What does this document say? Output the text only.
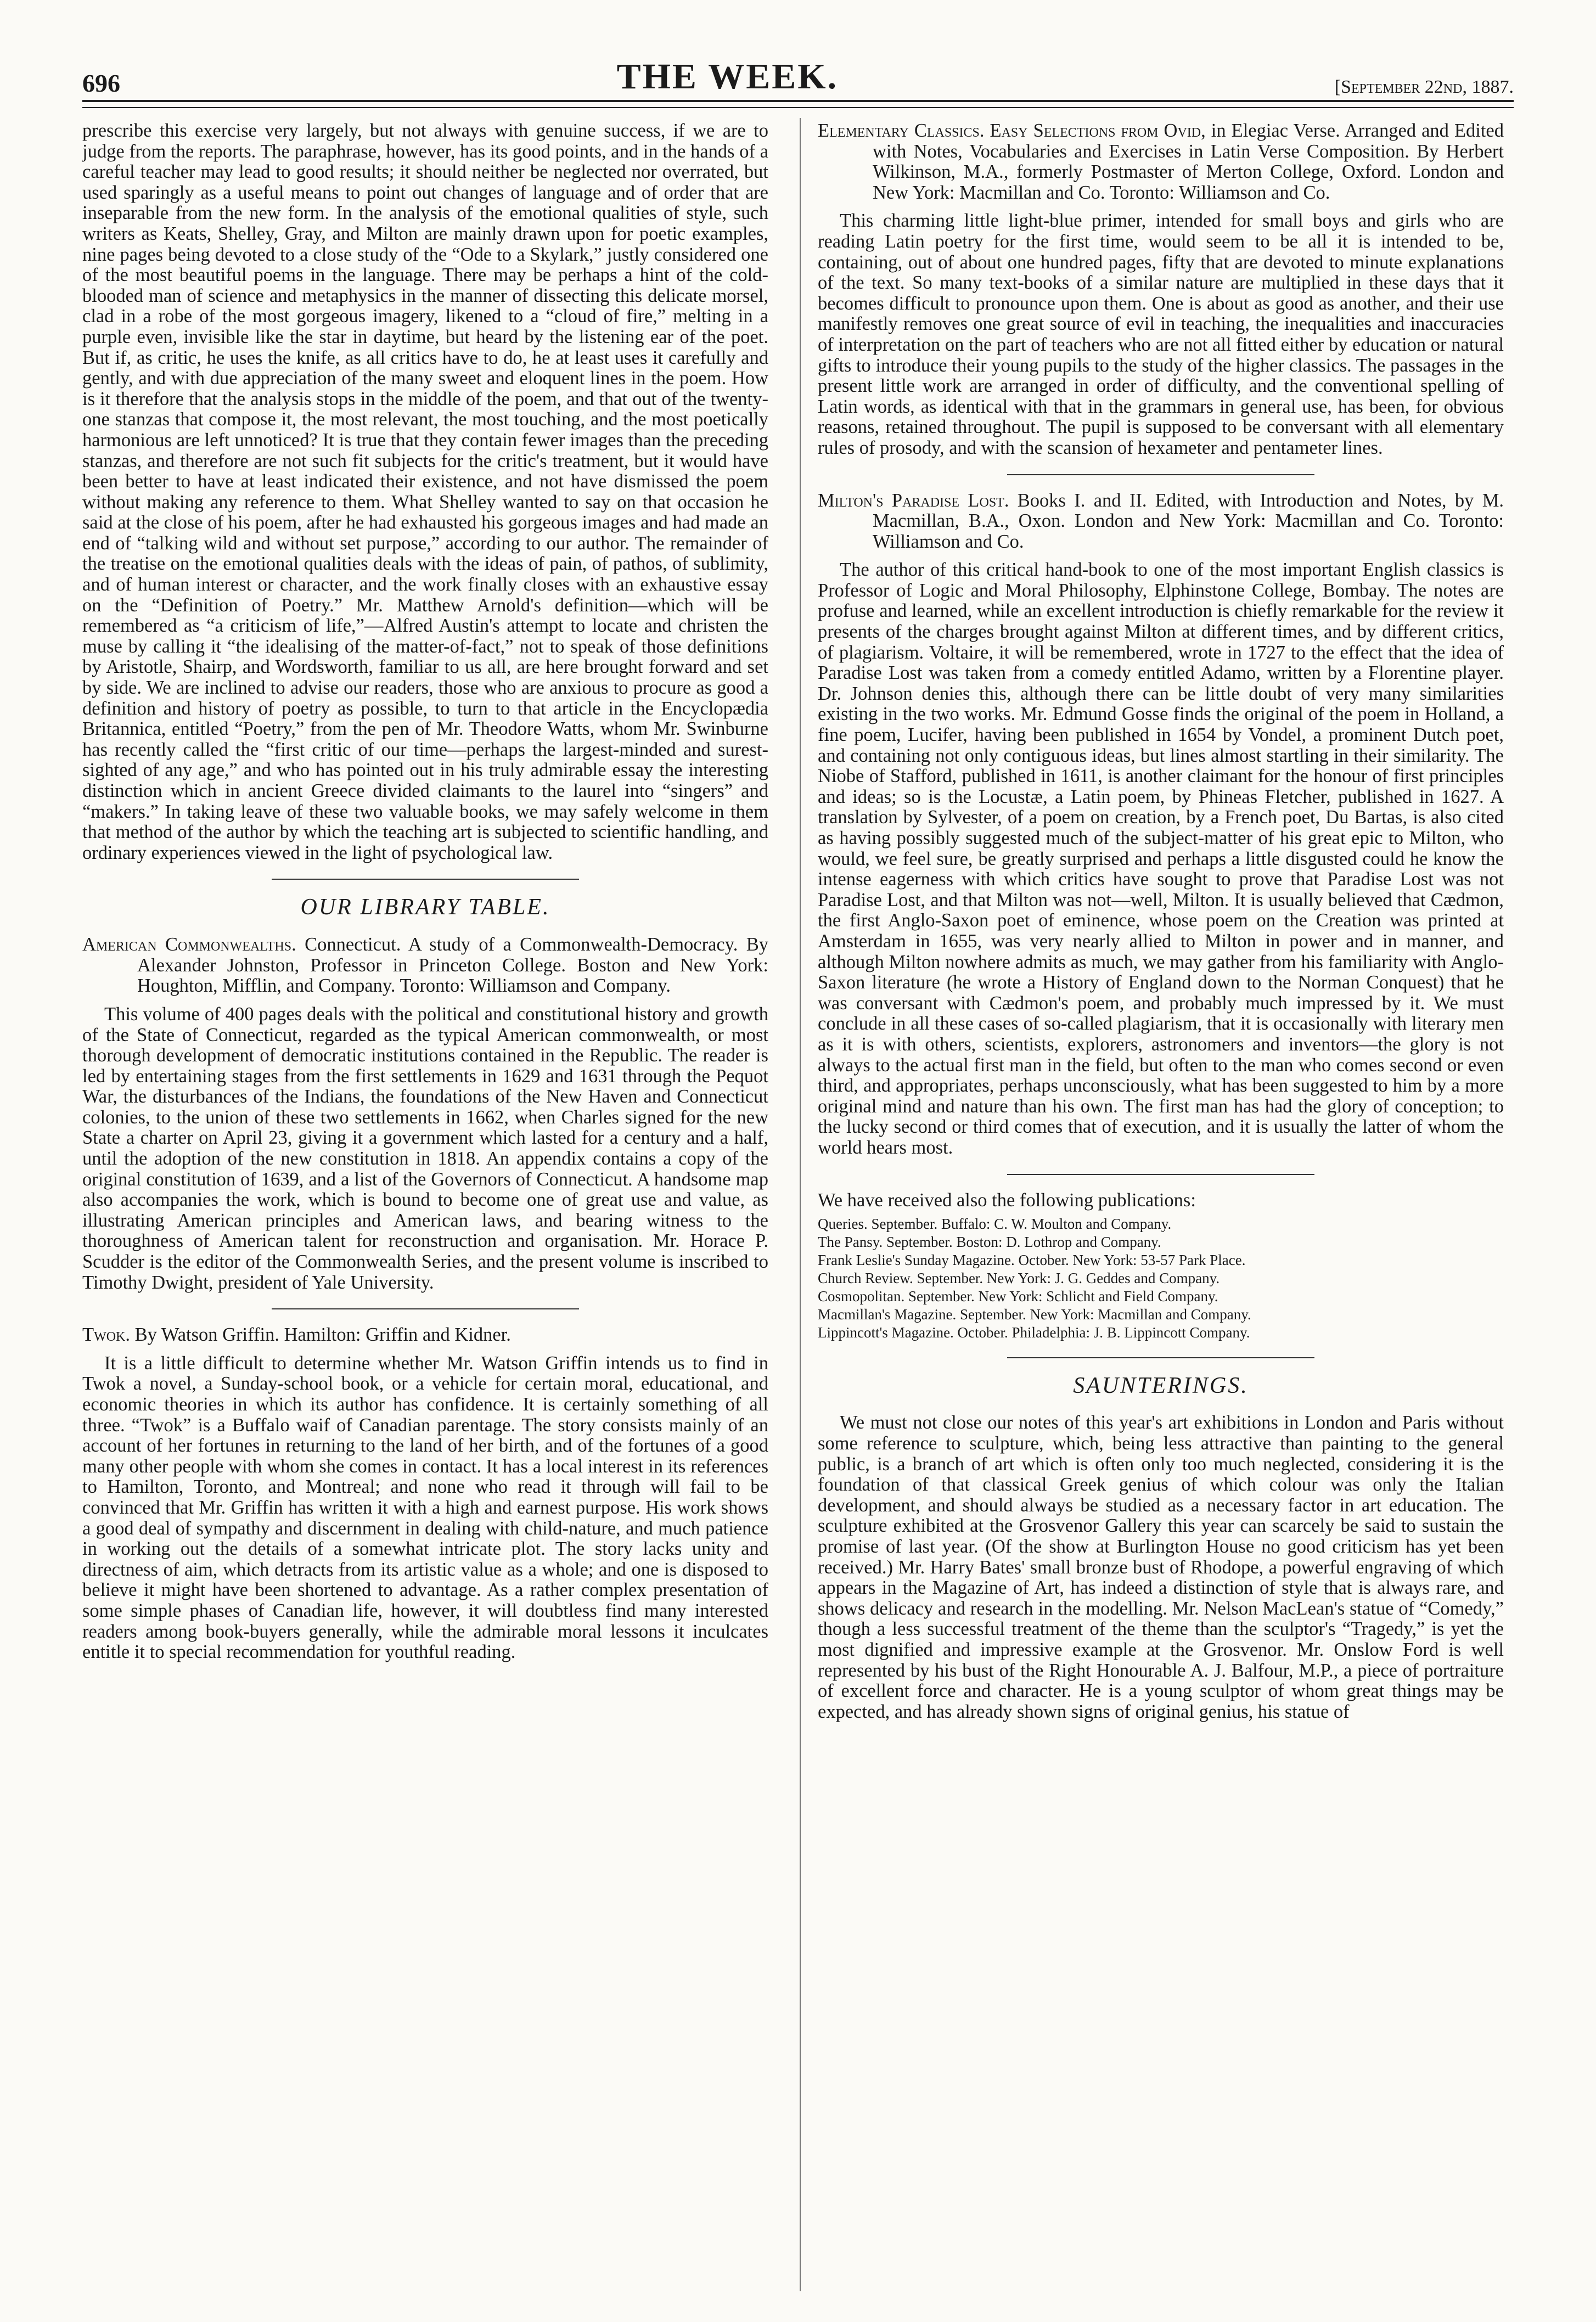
696	THE WEEK.	[September 22nd, 1887.

prescribe this exercise very largely, but not always with genuine success, if we are to judge from the reports. The paraphrase, however, has its good points, and in the hands of a careful teacher may lead to good results; it should neither be neglected nor overrated, but used sparingly as a useful means to point out changes of language and of order that are inseparable from the new form. In the analysis of the emotional qualities of style, such writers as Keats, Shelley, Gray, and Milton are mainly drawn upon for poetic examples, nine pages being devoted to a close study of the “Ode to a Skylark,” justly considered one of the most beautiful poems in the language. There may be perhaps a hint of the cold-blooded man of science and metaphysics in the manner of dissecting this delicate morsel, clad in a robe of the most gorgeous imagery, likened to a “cloud of fire,” melting in a purple even, invisible like the star in daytime, but heard by the listening ear of the poet. But if, as critic, he uses the knife, as all critics have to do, he at least uses it carefully and gently, and with due appreciation of the many sweet and eloquent lines in the poem. How is it therefore that the analysis stops in the middle of the poem, and that out of the twenty-one stanzas that compose it, the most relevant, the most touching, and the most poetically harmonious are left unnoticed? It is true that they contain fewer images than the preceding stanzas, and therefore are not such fit subjects for the critic's treatment, but it would have been better to have at least indicated their existence, and not have dismissed the poem without making any reference to them. What Shelley wanted to say on that occasion he said at the close of his poem, after he had exhausted his gorgeous images and had made an end of “talking wild and without set purpose,” according to our author. The remainder of the treatise on the emotional qualities deals with the ideas of pain, of pathos, of sublimity, and of human interest or character, and the work finally closes with an exhaustive essay on the “Definition of Poetry.” Mr. Matthew Arnold's definition—which will be remembered as “a criticism of life,”—Alfred Austin's attempt to locate and christen the muse by calling it “the idealising of the matter-of-fact,” not to speak of those definitions by Aristotle, Shairp, and Wordsworth, familiar to us all, are here brought forward and set by side. We are inclined to advise our readers, those who are anxious to procure as good a definition and history of poetry as possible, to turn to that article in the Encyclopædia Britannica, entitled “Poetry,” from the pen of Mr. Theodore Watts, whom Mr. Swinburne has recently called the “first critic of our time—perhaps the largest-minded and surest-sighted of any age,” and who has pointed out in his truly admirable essay the interesting distinction which in ancient Greece divided claimants to the laurel into “singers” and “makers.” In taking leave of these two valuable books, we may safely welcome in them that method of the author by which the teaching art is subjected to scientific handling, and ordinary experiences viewed in the light of psychological law.

OUR LIBRARY TABLE.
American Commonwealths. Connecticut. A study of a Commonwealth-Democracy. By Alexander Johnston, Professor in Princeton College. Boston and New York: Houghton, Mifflin, and Company. Toronto: Williamson and Company.

This volume of 400 pages deals with the political and constitutional history and growth of the State of Connecticut, regarded as the typical American commonwealth, or most thorough development of democratic institutions contained in the Republic. The reader is led by entertaining stages from the first settlements in 1629 and 1631 through the Pequot War, the disturbances of the Indians, the foundations of the New Haven and Connecticut colonies, to the union of these two settlements in 1662, when Charles signed for the new State a charter on April 23, giving it a government which lasted for a century and a half, until the adoption of the new constitution in 1818. An appendix contains a copy of the original constitution of 1639, and a list of the Governors of Connecticut. A handsome map also accompanies the work, which is bound to become one of great use and value, as illustrating American principles and American laws, and bearing witness to the thoroughness of American talent for reconstruction and organisation. Mr. Horace P. Scudder is the editor of the Commonwealth Series, and the present volume is inscribed to Timothy Dwight, president of Yale University.

Twok. By Watson Griffin. Hamilton: Griffin and Kidner.

It is a little difficult to determine whether Mr. Watson Griffin intends us to find in Twok a novel, a Sunday-school book, or a vehicle for certain moral, educational, and economic theories in which its author has confidence. It is certainly something of all three. “Twok” is a Buffalo waif of Canadian parentage. The story consists mainly of an account of her fortunes in returning to the land of her birth, and of the fortunes of a good many other people with whom she comes in contact. It has a local interest in its references to Hamilton, Toronto, and Montreal; and none who read it through will fail to be convinced that Mr. Griffin has written it with a high and earnest purpose. His work shows a good deal of sympathy and discernment in dealing with child-nature, and much patience in working out the details of a somewhat intricate plot. The story lacks unity and directness of aim, which detracts from its artistic value as a whole; and one is disposed to believe it might have been shortened to advantage. As a rather complex presentation of some simple phases of Canadian life, however, it will doubtless find many interested readers among book-buyers generally, while the admirable moral lessons it inculcates entitle it to special recommendation for youthful reading.

Elementary Classics. Easy Selections from Ovid, in Elegiac Verse. Arranged and Edited with Notes, Vocabularies and Exercises in Latin Verse Composition. By Herbert Wilkinson, M.A., formerly Postmaster of Merton College, Oxford. London and New York: Macmillan and Co. Toronto: Williamson and Co.

This charming little light-blue primer, intended for small boys and girls who are reading Latin poetry for the first time, would seem to be all it is intended to be, containing, out of about one hundred pages, fifty that are devoted to minute explanations of the text. So many text-books of a similar nature are multiplied in these days that it becomes difficult to pronounce upon them. One is about as good as another, and their use manifestly removes one great source of evil in teaching, the inequalities and inaccuracies of interpretation on the part of teachers who are not all fitted either by education or natural gifts to introduce their young pupils to the study of the higher classics. The passages in the present little work are arranged in order of difficulty, and the conventional spelling of Latin words, as identical with that in the grammars in general use, has been, for obvious reasons, retained throughout. The pupil is supposed to be conversant with all elementary rules of prosody, and with the scansion of hexameter and pentameter lines.

Milton's Paradise Lost. Books I. and II. Edited, with Introduction and Notes, by M. Macmillan, B.A., Oxon. London and New York: Macmillan and Co. Toronto: Williamson and Co.

The author of this critical hand-book to one of the most important English classics is Professor of Logic and Moral Philosophy, Elphinstone College, Bombay. The notes are profuse and learned, while an excellent introduction is chiefly remarkable for the review it presents of the charges brought against Milton at different times, and by different critics, of plagiarism. Voltaire, it will be remembered, wrote in 1727 to the effect that the idea of Paradise Lost was taken from a comedy entitled Adamo, written by a Florentine player. Dr. Johnson denies this, although there can be little doubt of very many similarities existing in the two works. Mr. Edmund Gosse finds the original of the poem in Holland, a fine poem, Lucifer, having been published in 1654 by Vondel, a prominent Dutch poet, and containing not only contiguous ideas, but lines almost startling in their similarity. The Niobe of Stafford, published in 1611, is another claimant for the honour of first principles and ideas; so is the Locustæ, a Latin poem, by Phineas Fletcher, published in 1627. A translation by Sylvester, of a poem on creation, by a French poet, Du Bartas, is also cited as having possibly suggested much of the subject-matter of his great epic to Milton, who would, we feel sure, be greatly surprised and perhaps a little disgusted could he know the intense eagerness with which critics have sought to prove that Paradise Lost was not Paradise Lost, and that Milton was not—well, Milton. It is usually believed that Cædmon, the first Anglo-Saxon poet of eminence, whose poem on the Creation was printed at Amsterdam in 1655, was very nearly allied to Milton in power and in manner, and although Milton nowhere admits as much, we may gather from his familiarity with Anglo-Saxon literature (he wrote a History of England down to the Norman Conquest) that he was conversant with Cædmon's poem, and probably much impressed by it. We must conclude in all these cases of so-called plagiarism, that it is occasionally with literary men as it is with others, scientists, explorers, astronomers and inventors—the glory is not always to the actual first man in the field, but often to the man who comes second or even third, and appropriates, perhaps unconsciously, what has been suggested to him by a more original mind and nature than his own. The first man has had the glory of conception; to the lucky second or third comes that of execution, and it is usually the latter of whom the world hears most.

We have received also the following publications:

Queries. September. Buffalo: C. W. Moulton and Company.

The Pansy. September. Boston: D. Lothrop and Company.

Frank Leslie's Sunday Magazine. October. New York: 53-57 Park Place.

Church Review. September. New York: J. G. Geddes and Company.

Cosmopolitan. September. New York: Schlicht and Field Company.

Macmillan's Magazine. September. New York: Macmillan and Company.

Lippincott's Magazine. October. Philadelphia: J. B. Lippincott Company.

SAUNTERINGS.

We must not close our notes of this year's art exhibitions in London and Paris without some reference to sculpture, which, being less attractive than painting to the general public, is a branch of art which is often only too much neglected, considering it is the foundation of that classical Greek genius of which colour was only the Italian development, and should always be studied as a necessary factor in art education. The sculpture exhibited at the Grosvenor Gallery this year can scarcely be said to sustain the promise of last year. (Of the show at Burlington House no good criticism has yet been received.) Mr. Harry Bates' small bronze bust of Rhodope, a powerful engraving of which appears in the Magazine of Art, has indeed a distinction of style that is always rare, and shows delicacy and research in the modelling. Mr. Nelson MacLean's statue of “Comedy,” though a less successful treatment of the theme than the sculptor's “Tragedy,” is yet the most dignified and impressive example at the Grosvenor. Mr. Onslow Ford is well represented by his bust of the Right Honourable A. J. Balfour, M.P., a piece of portraiture of excellent force and character. He is a young sculptor of whom great things may be expected, and has already shown signs of original genius, his statue of
